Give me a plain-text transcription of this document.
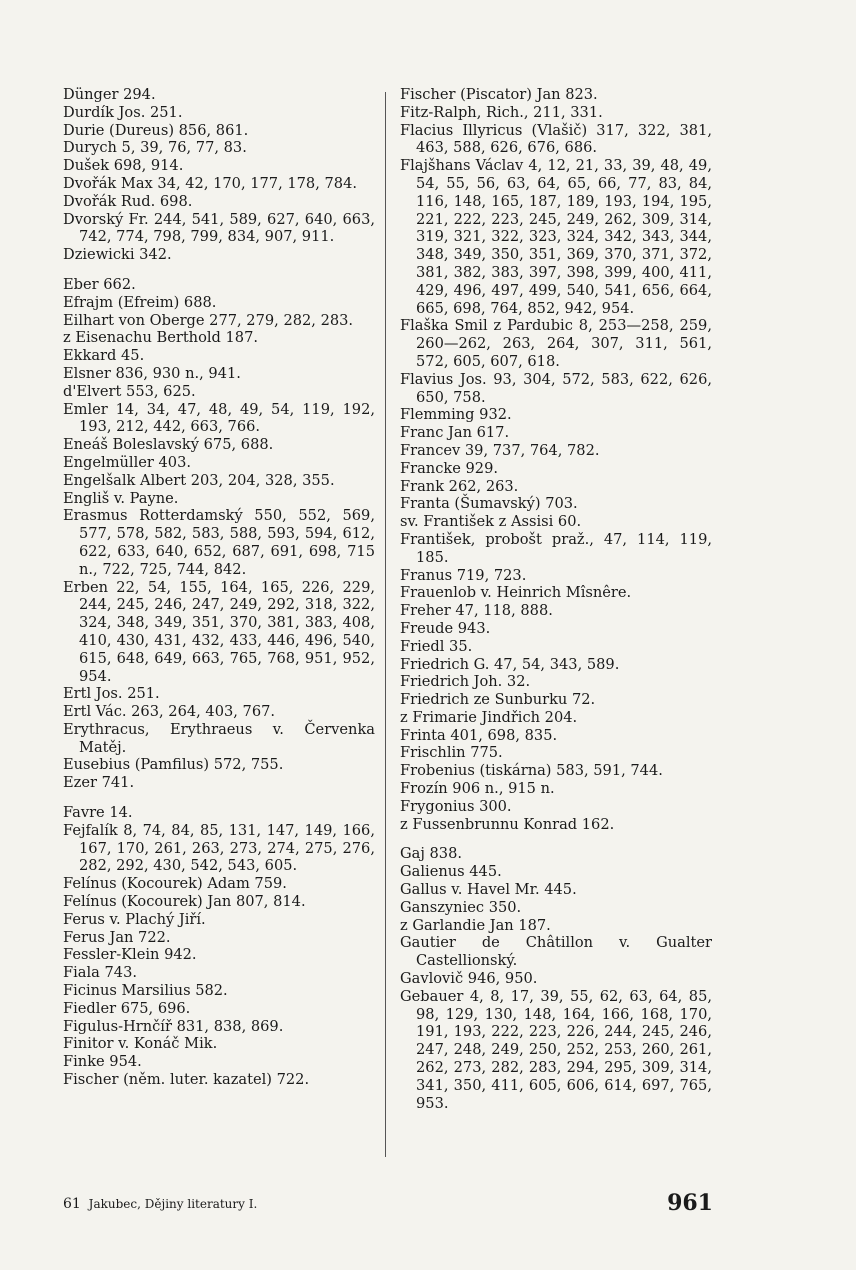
Dünger 294.

Durdík Jos. 251.

Durie (Dureus) 856, 861.

Durych 5, 39, 76, 77, 83.

Dušek 698, 914.

Dvořák Max 34, 42, 170, 177, 178, 784.

Dvořák Rud. 698.

Dvorský Fr. 244, 541, 589, 627, 640, 663, 742, 774, 798, 799, 834, 907, 911.

Dziewicki 342.

Eber 662.

Efrajm (Efreim) 688.

Eilhart von Oberge 277, 279, 282, 283.

z Eisenachu Berthold 187.

Ekkard 45.

Elsner 836, 930 n., 941.

d'Elvert 553, 625.

Emler 14, 34, 47, 48, 49, 54, 119, 192, 193, 212, 442, 663, 766.

Eneáš Boleslavský 675, 688.

Engelmüller 403.

Engelšalk Albert 203, 204, 328, 355.

Engliš v. Payne.

Erasmus Rotterdamský 550, 552, 569, 577, 578, 582, 583, 588, 593, 594, 612, 622, 633, 640, 652, 687, 691, 698, 715 n., 722, 725, 744, 842.

Erben 22, 54, 155, 164, 165, 226, 229, 244, 245, 246, 247, 249, 292, 318, 322, 324, 348, 349, 351, 370, 381, 383, 408, 410, 430, 431, 432, 433, 446, 496, 540, 615, 648, 649, 663, 765, 768, 951, 952, 954.

Ertl Jos. 251.

Ertl Vác. 263, 264, 403, 767.

Erythracus, Erythraeus v. Červenka Matěj.

Eusebius (Pamfilus) 572, 755.

Ezer 741.

Favre 14.

Fejfalík 8, 74, 84, 85, 131, 147, 149, 166, 167, 170, 261, 263, 273, 274, 275, 276, 282, 292, 430, 542, 543, 605.

Felínus (Kocourek) Adam 759.

Felínus (Kocourek) Jan 807, 814.

Ferus v. Plachý Jiří.

Ferus Jan 722.

Fessler-Klein 942.

Fiala 743.

Ficinus Marsilius 582.

Fiedler 675, 696.

Figulus-Hrnčíř 831, 838, 869.

Finitor v. Konáč Mik.

Finke 954.

Fischer (něm. luter. kazatel) 722.

Fischer (Piscator) Jan 823.

Fitz-Ralph, Rich., 211, 331.

Flacius Illyricus (Vlašič) 317, 322, 381, 463, 588, 626, 676, 686.

Flajšhans Václav 4, 12, 21, 33, 39, 48, 49, 54, 55, 56, 63, 64, 65, 66, 77, 83, 84, 116, 148, 165, 187, 189, 193, 194, 195, 221, 222, 223, 245, 249, 262, 309, 314, 319, 321, 322, 323, 324, 342, 343, 344, 348, 349, 350, 351, 369, 370, 371, 372, 381, 382, 383, 397, 398, 399, 400, 411, 429, 496, 497, 499, 540, 541, 656, 664, 665, 698, 764, 852, 942, 954.

Flaška Smil z Pardubic 8, 253—258, 259, 260—262, 263, 264, 307, 311, 561, 572, 605, 607, 618.

Flavius Jos. 93, 304, 572, 583, 622, 626, 650, 758.

Flemming 932.

Franc Jan 617.

Francev 39, 737, 764, 782.

Francke 929.

Frank 262, 263.

Franta (Šumavský) 703.

sv. František z Assisi 60.

František, probošt praž., 47, 114, 119, 185.

Franus 719, 723.

Frauenlob v. Heinrich Mîsnêre.

Freher 47, 118, 888.

Freude 943.

Friedl 35.

Friedrich G. 47, 54, 343, 589.

Friedrich Joh. 32.

Friedrich ze Sunburku 72.

z Frimarie Jindřich 204.

Frinta 401, 698, 835.

Frischlin 775.

Frobenius (tiskárna) 583, 591, 744.

Frozín 906 n., 915 n.

Frygonius 300.

z Fussenbrunnu Konrad 162.

Gaj 838.

Galienus 445.

Gallus v. Havel Mr. 445.

Ganszyniec 350.

z Garlandie Jan 187.

Gautier de Châtillon v. Gualter Castellionský.

Gavlovič 946, 950.

Gebauer 4, 8, 17, 39, 55, 62, 63, 64, 85, 98, 129, 130, 148, 164, 166, 168, 170, 191, 193, 222, 223, 226, 244, 245, 246, 247, 248, 249, 250, 252, 253, 260, 261, 262, 273, 282, 283, 294, 295, 309, 314, 341, 350, 411, 605, 606, 614, 697, 765, 953.

61 Jakubec, Dějiny literatury I.	961
